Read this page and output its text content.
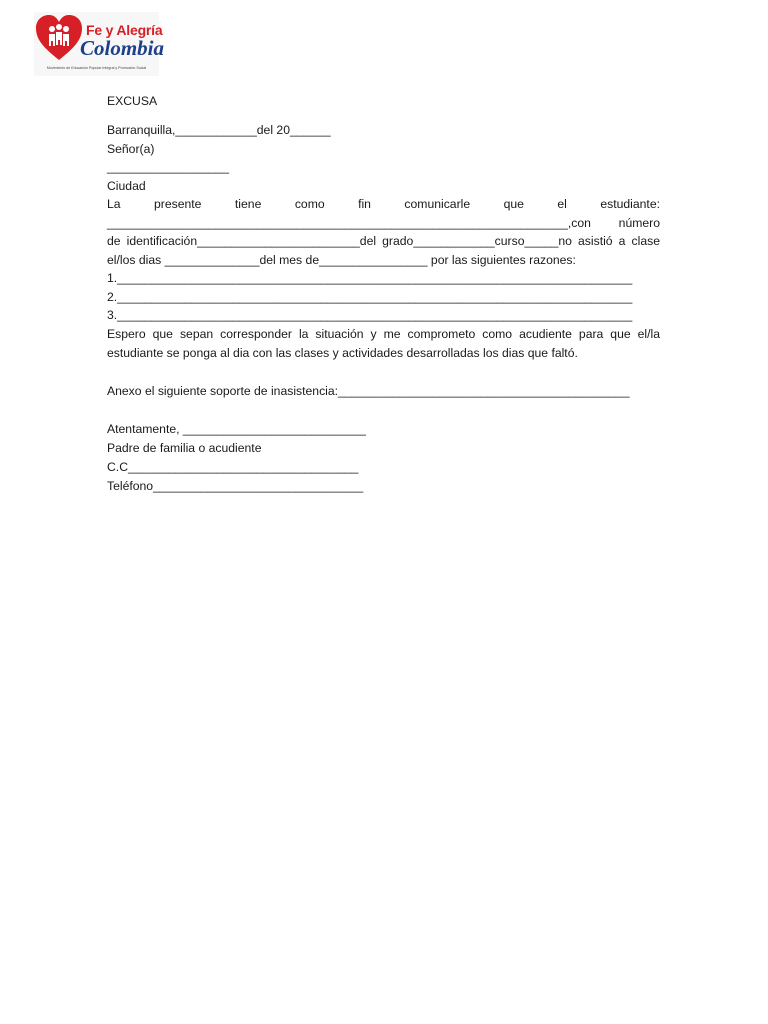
Fe y Alegría
Colombia
Movimiento de Educación Popular Integral y Promoción Social
EXCUSA
Barranquilla,____________del 20______
Señor(a)
__________________
Ciudad
La presente tiene como fin comunicarle que el estudiante:
____________________________________________________________________,con número
de identificación________________________del grado____________curso_____no asistió a clase
el/los dias ______________del mes de________________ por las siguientes razones:
1.____________________________________________________________________________
2.____________________________________________________________________________
3.____________________________________________________________________________
Espero que sepan corresponder la situación y me comprometo como acudiente para que el/la
estudiante se ponga al dia con las clases y actividades desarrolladas los dias que faltó.
Anexo el siguiente soporte de inasistencia:___________________________________________
Atentamente, ___________________________
Padre de familia o acudiente
C.C__________________________________
Teléfono_______________________________
